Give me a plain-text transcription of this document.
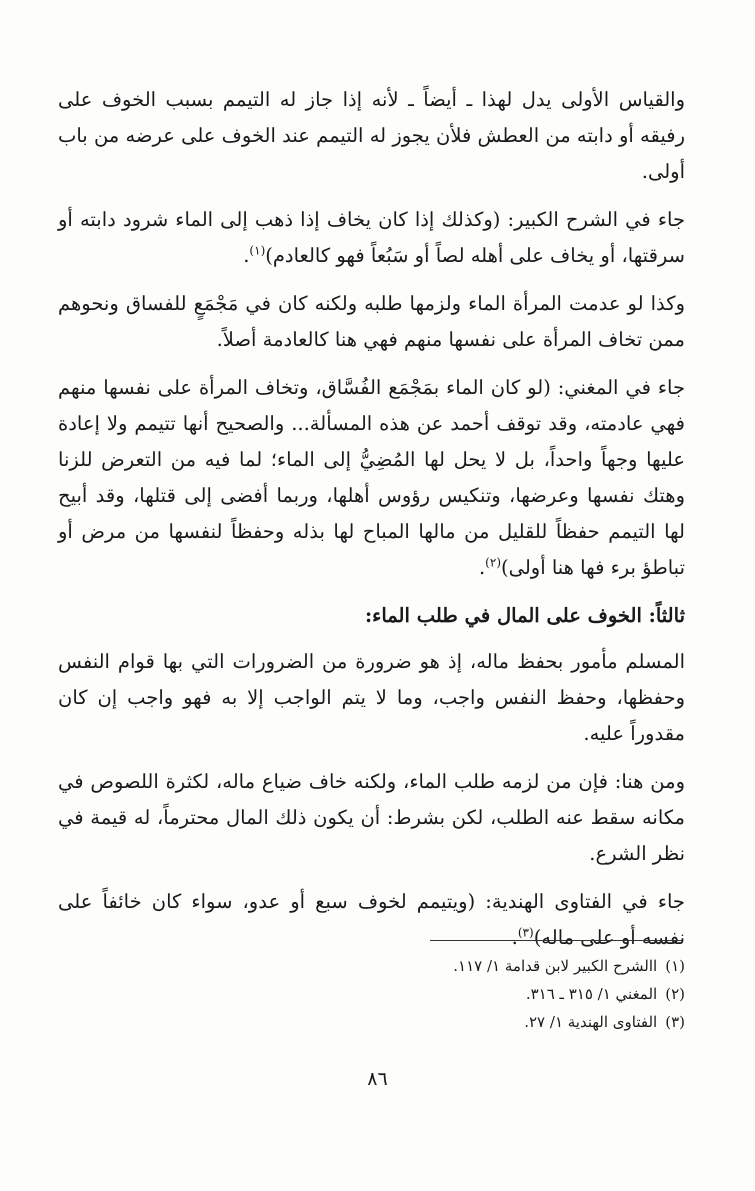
والقياس الأولى يدل لهذا ـ أيضاً ـ لأنه إذا جاز له التيمم بسبب الخوف على رفيقه أو دابته من العطش فلأن يجوز له التيمم عند الخوف على عرضه من باب أولى.

جاء في الشرح الكبير: (وكذلك إذا كان يخاف إذا ذهب إلى الماء شرود دابته أو سرقتها، أو يخاف على أهله لصاً أو سَبُعاً فهو كالعادم)$^{(١)}$.

وكذا لو عدمت المرأة الماء ولزمها طلبه ولكنه كان في مَجْمَعٍ للفساق ونحوهم ممن تخاف المرأة على نفسها منهم فهي هنا كالعادمة أصلاً.

جاء في المغني: (لو كان الماء بمَجْمَع الفُسَّاق، وتخاف المرأة على نفسها منهم فهي عادمته، وقد توقف أحمد عن هذه المسألة... والصحيح أنها تتيمم ولا إعادة عليها وجهاً واحداً، بل لا يحل لها المُضِيُّ إلى الماء؛ لما فيه من التعرض للزنا وهتك نفسها وعرضها، وتنكيس رؤوس أهلها، وربما أفضى إلى قتلها، وقد أبيح لها التيمم حفظاً للقليل من مالها المباح لها بذله وحفظاً لنفسها من مرض أو تباطؤ برء فها هنا أولى)$^{(٢)}$.

ثالثاً: الخوف على المال في طلب الماء:

المسلم مأمور بحفظ ماله، إذ هو ضرورة من الضرورات التي بها قوام النفس وحفظها، وحفظ النفس واجب، وما لا يتم الواجب إلا به فهو واجب إن كان مقدوراً عليه.

ومن هنا: فإن من لزمه طلب الماء، ولكنه خاف ضياع ماله، لكثرة اللصوص في مكانه سقط عنه الطلب، لكن بشرط: أن يكون ذلك المال محترماً، له قيمة في نظر الشرع.

جاء في الفتاوى الهندية: (ويتيمم لخوف سبع أو عدو، سواء كان خائفاً على نفسه أو على ماله)$^{(٣)}$.

(١)االشرح الكبير لابن قدامة ١/ ١١٧.
(٢)المغني ١/ ٣١٥ ـ ٣١٦.
(٣)الفتاوى الهندية ١/ ٢٧.
٨٦
